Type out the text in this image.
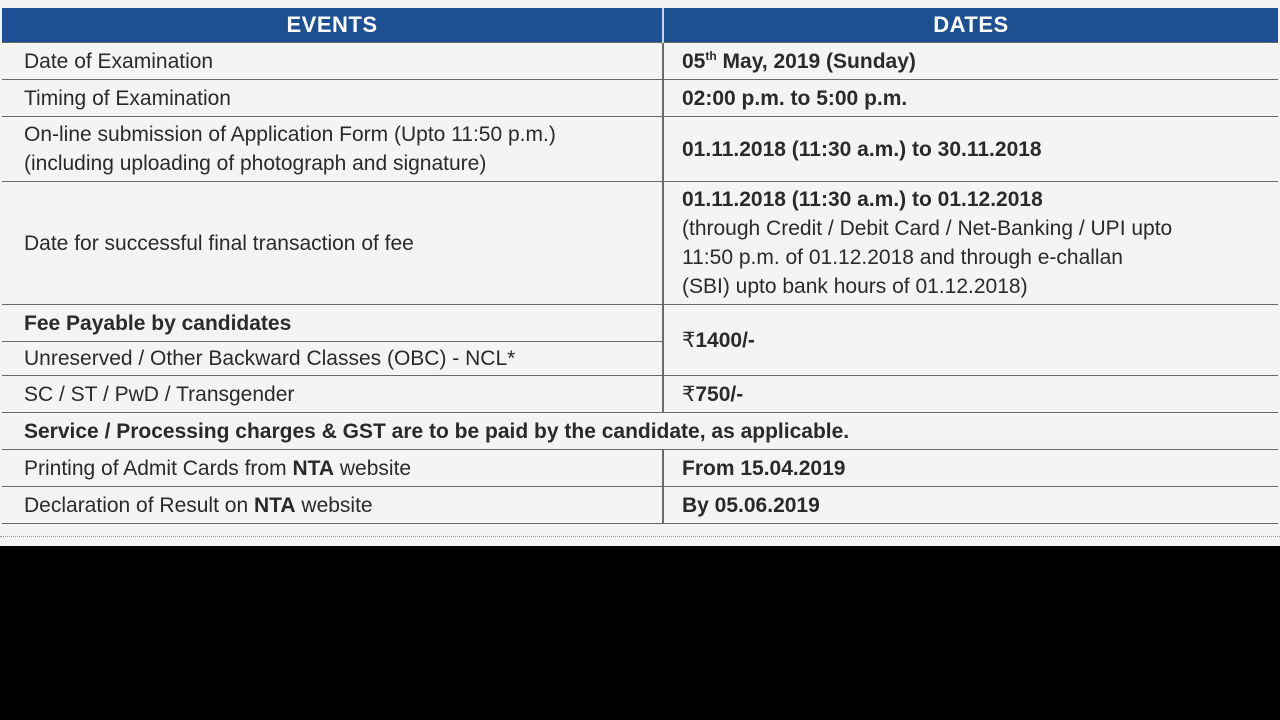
EVENTS	DATES
Date of Examination	05th May, 2019 (Sunday)
Timing of Examination	02:00 p.m. to 5:00 p.m.

On-line submission of Application Form (Upto 11:50 p.m.)
(including uploading of photograph and signature)	01.11.2018 (11:30 a.m.) to 30.11.2018
Date for successful final transaction of fee	01.11.2018 (11:30 a.m.) to 01.12.2018
(through Credit / Debit Card / Net-Banking / UPI upto
11:50 p.m. of 01.12.2018 and through e-challan
(SBI) upto bank hours of 01.12.2018)

Fee Payable by candidates	₹1400/-
Unreserved / Other Backward Classes (OBC) - NCL*	
SC / ST / PwD / Transgender	₹750/-
Service / Processing charges & GST are to be paid by the candidate, as applicable.	
Printing of Admit Cards from NTA website	From 15.04.2019
Declaration of Result on NTA website	By 05.06.2019
